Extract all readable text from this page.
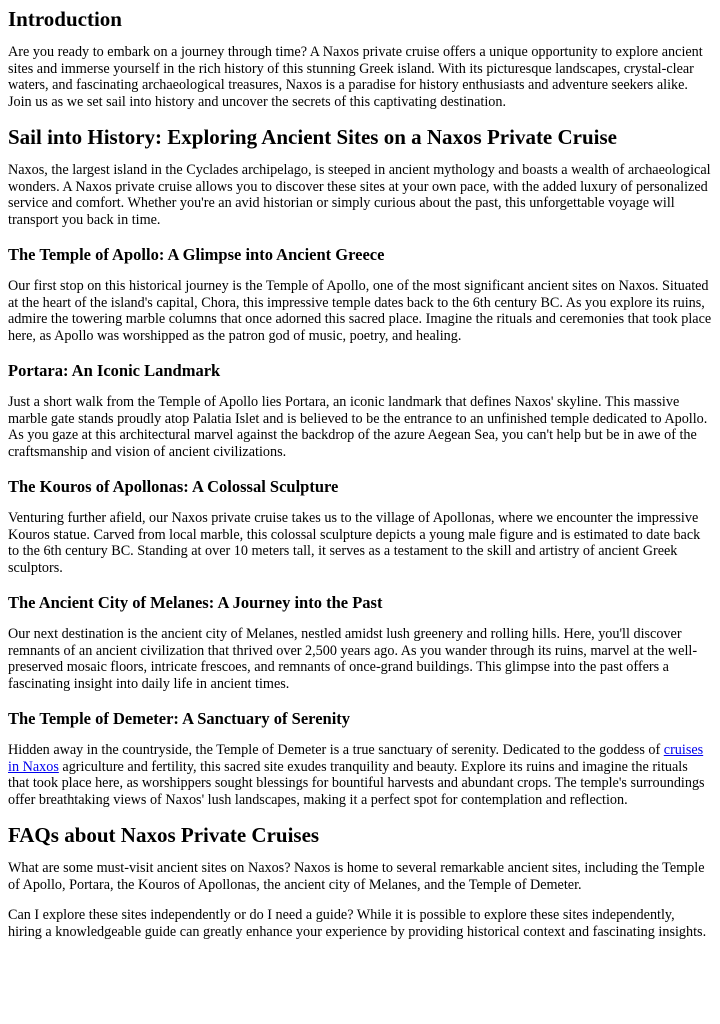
Introduction

Are you ready to embark on a journey through time? A Naxos private cruise offers a unique opportunity to explore ancient sites and immerse yourself in the rich history of this stunning Greek island. With its picturesque landscapes, crystal-clear waters, and fascinating archaeological treasures, Naxos is a paradise for history enthusiasts and adventure seekers alike. Join us as we set sail into history and uncover the secrets of this captivating destination.

Sail into History: Exploring Ancient Sites on a Naxos Private Cruise

Naxos, the largest island in the Cyclades archipelago, is steeped in ancient mythology and boasts a wealth of archaeological wonders. A Naxos private cruise allows you to discover these sites at your own pace, with the added luxury of personalized service and comfort. Whether you're an avid historian or simply curious about the past, this unforgettable voyage will transport you back in time.

The Temple of Apollo: A Glimpse into Ancient Greece

Our first stop on this historical journey is the Temple of Apollo, one of the most significant ancient sites on Naxos. Situated at the heart of the island's capital, Chora, this impressive temple dates back to the 6th century BC. As you explore its ruins, admire the towering marble columns that once adorned this sacred place. Imagine the rituals and ceremonies that took place here, as Apollo was worshipped as the patron god of music, poetry, and healing.

Portara: An Iconic Landmark

Just a short walk from the Temple of Apollo lies Portara, an iconic landmark that defines Naxos' skyline. This massive marble gate stands proudly atop Palatia Islet and is believed to be the entrance to an unfinished temple dedicated to Apollo. As you gaze at this architectural marvel against the backdrop of the azure Aegean Sea, you can't help but be in awe of the craftsmanship and vision of ancient civilizations.

The Kouros of Apollonas: A Colossal Sculpture

Venturing further afield, our Naxos private cruise takes us to the village of Apollonas, where we encounter the impressive Kouros statue. Carved from local marble, this colossal sculpture depicts a young male figure and is estimated to date back to the 6th century BC. Standing at over 10 meters tall, it serves as a testament to the skill and artistry of ancient Greek sculptors.

The Ancient City of Melanes: A Journey into the Past

Our next destination is the ancient city of Melanes, nestled amidst lush greenery and rolling hills. Here, you'll discover remnants of an ancient civilization that thrived over 2,500 years ago. As you wander through its ruins, marvel at the well-preserved mosaic floors, intricate frescoes, and remnants of once-grand buildings. This glimpse into the past offers a fascinating insight into daily life in ancient times.

The Temple of Demeter: A Sanctuary of Serenity

Hidden away in the countryside, the Temple of Demeter is a true sanctuary of serenity. Dedicated to the goddess of cruises in Naxos agriculture and fertility, this sacred site exudes tranquility and beauty. Explore its ruins and imagine the rituals that took place here, as worshippers sought blessings for bountiful harvests and abundant crops. The temple's surroundings offer breathtaking views of Naxos' lush landscapes, making it a perfect spot for contemplation and reflection.

FAQs about Naxos Private Cruises

What are some must-visit ancient sites on Naxos? Naxos is home to several remarkable ancient sites, including the Temple of Apollo, Portara, the Kouros of Apollonas, the ancient city of Melanes, and the Temple of Demeter.

Can I explore these sites independently or do I need a guide? While it is possible to explore these sites independently, hiring a knowledgeable guide can greatly enhance your experience by providing historical context and fascinating insights.
